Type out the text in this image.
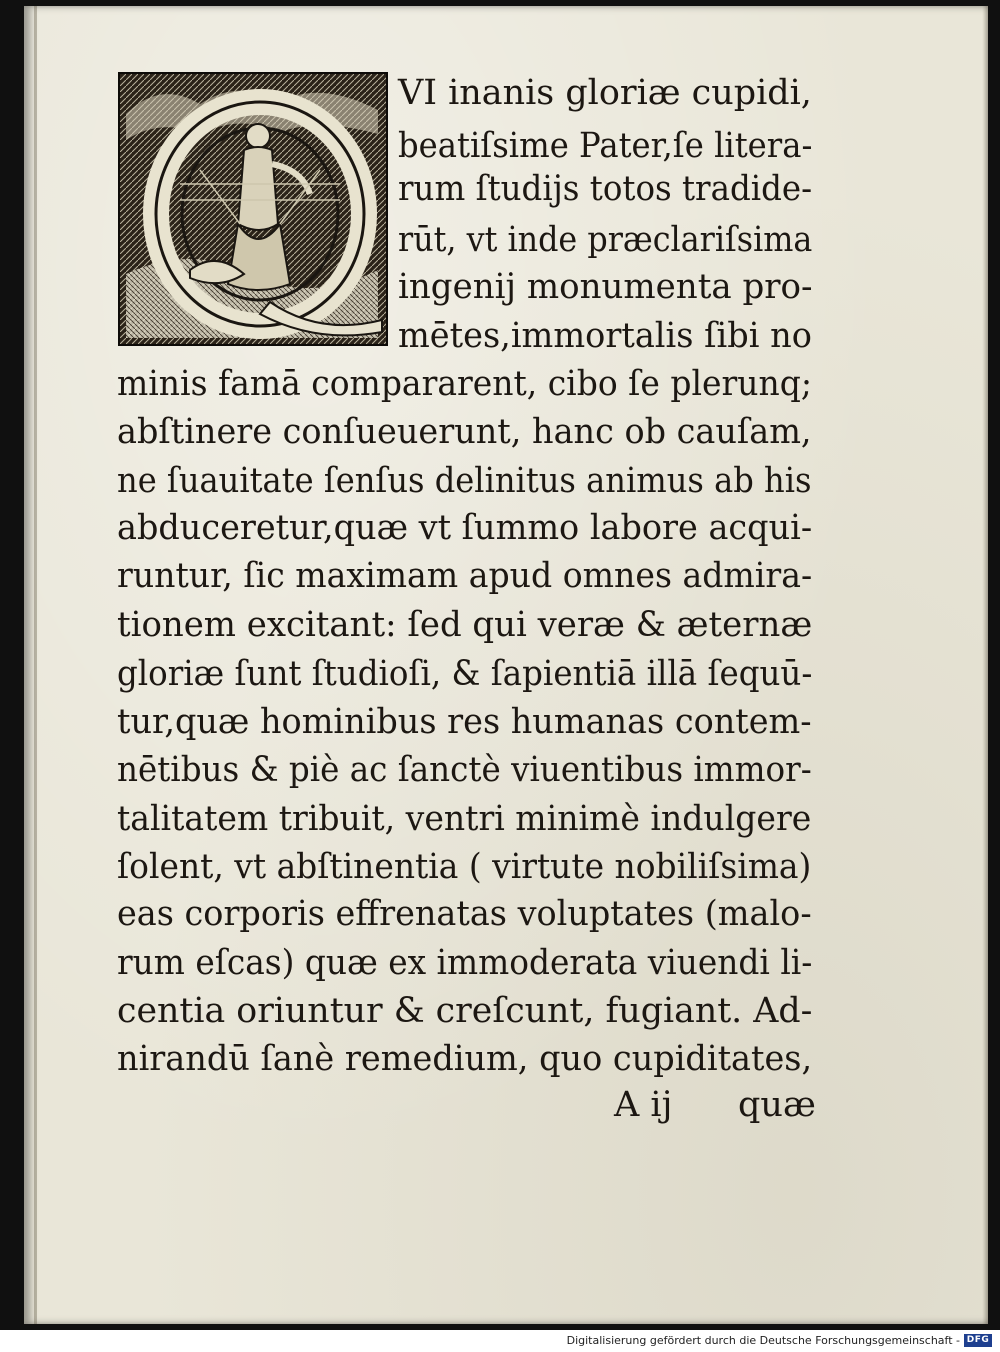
VI inanis gloriæ cupidi,
beatiſsime Pater,ſe litera-
rum ſtudijs totos tradide-
rūt, vt inde præclariſsima
ingenij monumenta pro-
mētes,immortalis ſibi no
minis famā compararent, cibo ſe plerunq;
abſtinere conſueuerunt, hanc ob cauſam,
ne ſuauitate ſenſus delinitus animus ab his
abduceretur,quæ vt ſummo labore acqui-
runtur, ſic maximam apud omnes admira-
tionem excitant: ſed qui veræ & æternæ
gloriæ ſunt ſtudioſi, & ſapientiā illā ſequū-
tur,quæ hominibus res humanas contem-
nētibus & piè ac ſanctè viuentibus immor-
talitatem tribuit, ventri minimè indulgere
ſolent, vt abſtinentia ( virtute nobiliſsima)
eas corporis effrenatas voluptates (malo-
rum eſcas) quæ ex immoderata viuendi li-
centia oriuntur & creſcunt, fugiant. Ad-
nirandū ſanè remedium, quo cupiditates,
A ij quæ
Digitalisierung gefördert durch die Deutsche Forschungsgemeinschaft - DFG
